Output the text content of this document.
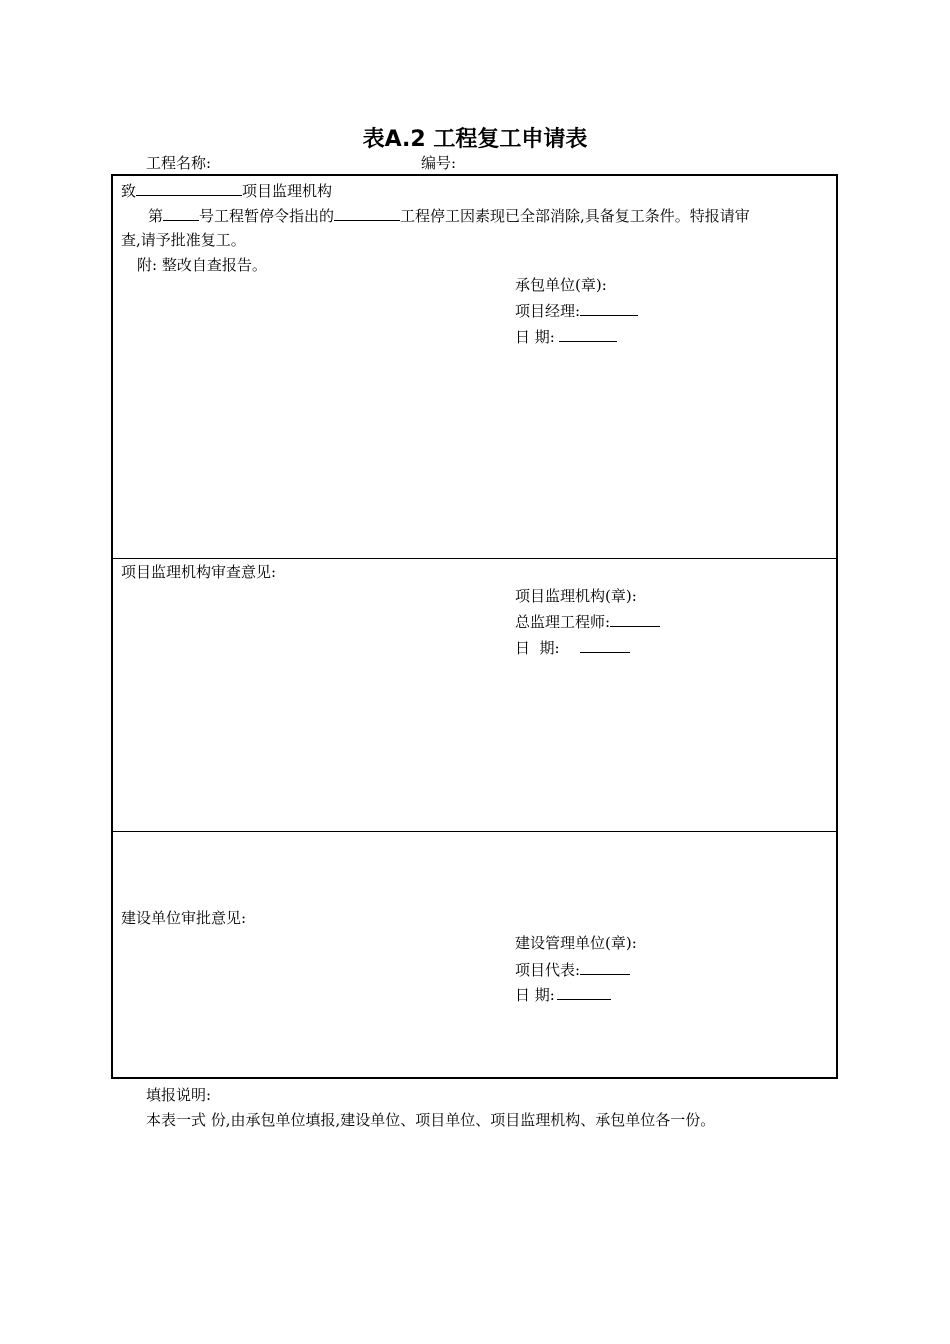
表A.2 工程复工申请表
工程名称:	编号:
致	项目监理机构
第 号工程暂停令指出的	工程停工因素现已全部消除,具备复工条件。特报请审
查,请予批准复工。
附: 整改自查报告。
承包单位(章):
项目经理:
日 期:
项目监理机构审查意见:
项目监理机构(章):
总监理工程师:
日  期:
建设单位审批意见:
建设管理单位(章):
项目代表:
日 期:
填报说明:
本表一式 份,由承包单位填报,建设单位、项目单位、项目监理机构、承包单位各一份。
